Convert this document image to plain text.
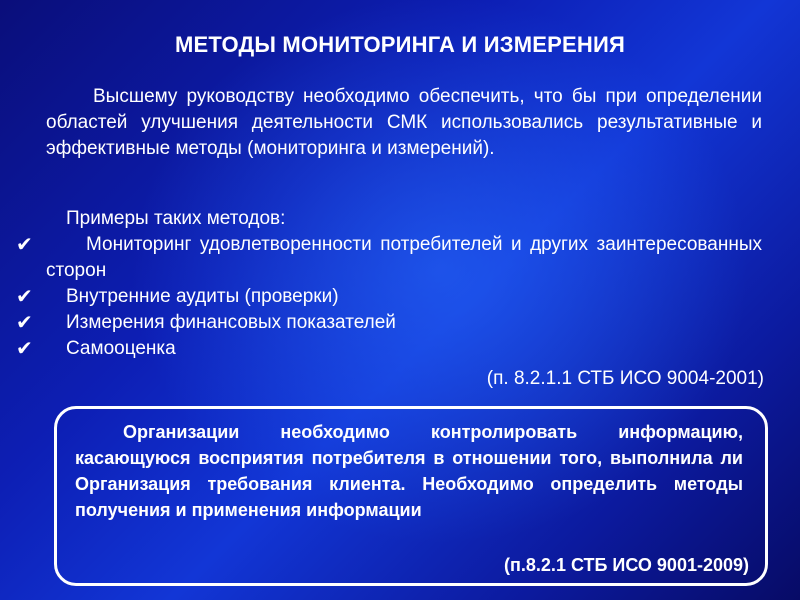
МЕТОДЫ МОНИТОРИНГА И ИЗМЕРЕНИЯ
Высшему руководству необходимо обеспечить, что бы при определении областей улучшения деятельности СМК использовались результативные и эффективные методы (мониторинга и измерений).
Примеры таких методов:
✔	Мониторинг удовлетворенности потребителей и других заинтересованных сторон
✔	Внутренние аудиты (проверки)
✔	Измерения финансовых показателей
✔	Самооценка
(п. 8.2.1.1 СТБ ИСО 9004-2001)
Организации необходимо контролировать информацию, касающуюся восприятия потребителя в отношении того, выполнила ли Организация требования клиента. Необходимо определить методы получения и применения информации
(п.8.2.1 СТБ ИСО 9001-2009)
